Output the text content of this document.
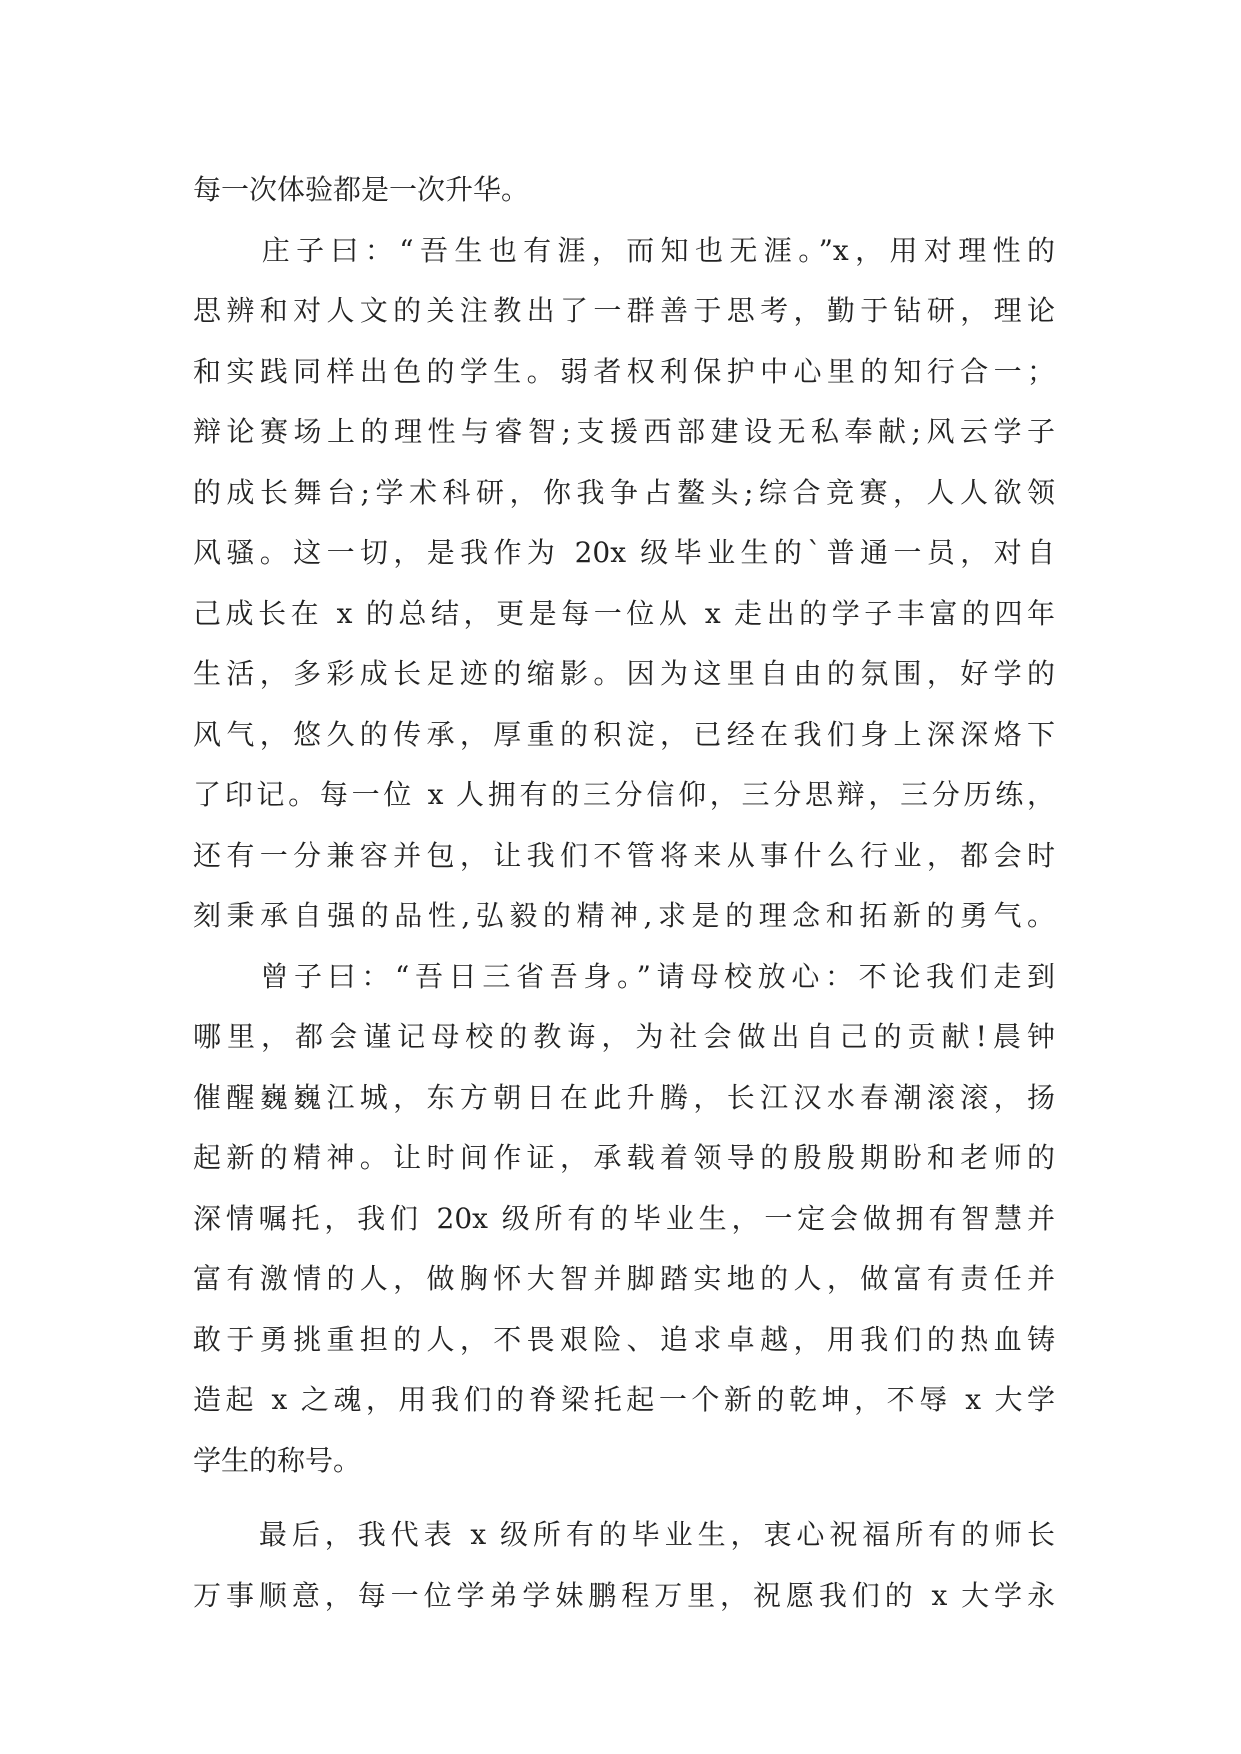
每一次体验都是一次升华。
　　庄子曰：“吾生也有涯，而知也无涯。”x，用对理性的
思辨和对人文的关注教出了一群善于思考，勤于钻研，理论
和实践同样出色的学生。弱者权利保护中心里的知行合一；
辩论赛场上的理性与睿智;支援西部建设无私奉献;风云学子
的成长舞台;学术科研，你我争占鳌头;综合竞赛，人人欲领
风骚。这一切，是我作为 20x 级毕业生的`普通一员，对自
己成长在 x 的总结，更是每一位从 x 走出的学子丰富的四年
生活，多彩成长足迹的缩影。因为这里自由的氛围，好学的
风气，悠久的传承，厚重的积淀，已经在我们身上深深烙下
了印记。每一位 x 人拥有的三分信仰，三分思辩，三分历练，
还有一分兼容并包，让我们不管将来从事什么行业，都会时
刻秉承自强的品性,弘毅的精神,求是的理念和拓新的勇气。
　　曾子曰：“吾日三省吾身。”请母校放心：不论我们走到
哪里，都会谨记母校的教诲，为社会做出自己的贡献!晨钟
催醒巍巍江城，东方朝日在此升腾，长江汉水春潮滚滚，扬
起新的精神。让时间作证，承载着领导的殷殷期盼和老师的
深情嘱托，我们 20x 级所有的毕业生，一定会做拥有智慧并
富有激情的人，做胸怀大智并脚踏实地的人，做富有责任并
敢于勇挑重担的人，不畏艰险、追求卓越，用我们的热血铸
造起 x 之魂，用我们的脊梁托起一个新的乾坤，不辱 x 大学
学生的称号。
　　最后，我代表 x 级所有的毕业生，衷心祝福所有的师长
万事顺意，每一位学弟学妹鹏程万里，祝愿我们的 x 大学永
